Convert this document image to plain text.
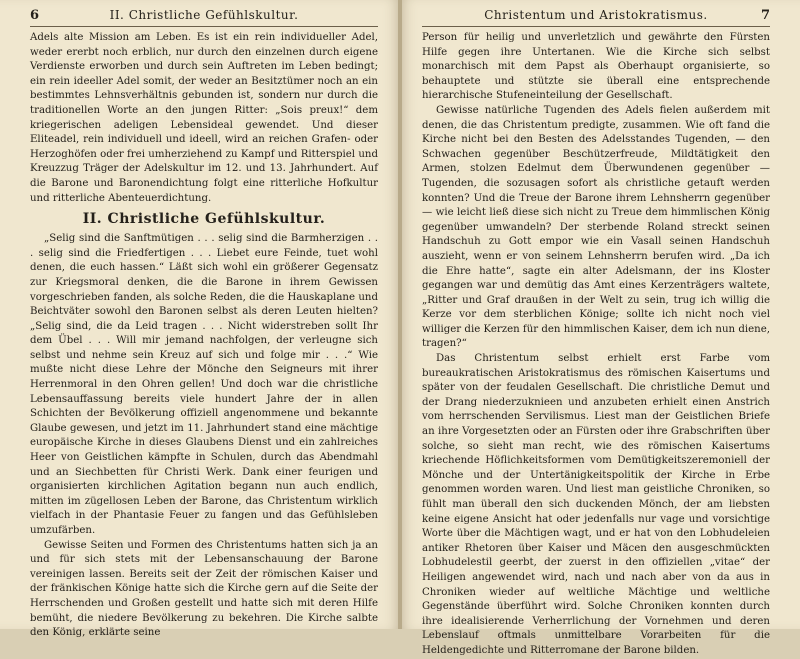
6	II. Christliche Gefühlskultur.

Adels alte Mission am Leben. Es ist ein rein individueller Adel, weder ererbt noch erblich, nur durch den einzelnen durch eigene Verdienste erworben und durch sein Auftreten im Leben bedingt; ein rein ideeller Adel somit, der weder an Besitztümer noch an ein bestimmtes Lehnsverhältnis gebunden ist, sondern nur durch die traditionellen Worte an den jungen Ritter: „Sois preux!“ dem kriegerischen adeligen Lebensideal gewendet. Und dieser Eliteadel, rein individuell und ideell, wird an reichen Grafen- oder Herzoghöfen oder frei umherziehend zu Kampf und Ritterspiel und Kreuzzug Träger der Adelskultur im 12. und 13. Jahrhundert. Auf die Barone und Baronendichtung folgt eine ritterliche Hofkultur und ritterliche Abenteuerdichtung.

II. Christliche Gefühlskultur.

„Selig sind die Sanftmütigen . . . selig sind die Barmherzigen . . . selig sind die Friedfertigen . . . Liebet eure Feinde, tuet wohl denen, die euch hassen.“ Läßt sich wohl ein größerer Gegensatz zur Kriegsmoral denken, die die Barone in ihrem Gewissen vorgeschrieben fanden, als solche Reden, die die Hauskaplane und Beichtväter sowohl den Baronen selbst als deren Leuten hielten? „Selig sind, die da Leid tragen . . . Nicht widerstreben sollt Ihr dem Übel . . . Will mir jemand nachfolgen, der verleugne sich selbst und nehme sein Kreuz auf sich und folge mir . . .“ Wie mußte nicht diese Lehre der Mönche den Seigneurs mit ihrer Herrenmoral in den Ohren gellen! Und doch war die christliche Lebensauffassung bereits viele hundert Jahre der in allen Schichten der Bevölkerung offiziell angenommene und bekannte Glaube gewesen, und jetzt im 11. Jahrhundert stand eine mächtige europäische Kirche in dieses Glaubens Dienst und ein zahlreiches Heer von Geistlichen kämpfte in Schulen, durch das Abendmahl und an Siechbetten für Christi Werk. Dank einer feurigen und organisierten kirchlichen Agitation begann nun auch endlich, mitten im zügellosen Leben der Barone, das Christentum wirklich vielfach in der Phantasie Feuer zu fangen und das Gefühlsleben umzufärben.

Gewisse Seiten und Formen des Christentums hatten sich ja an und für sich stets mit der Lebensanschauung der Barone vereinigen lassen. Bereits seit der Zeit der römischen Kaiser und der fränkischen Könige hatte sich die Kirche gern auf die Seite der Herrschenden und Großen gestellt und hatte sich mit deren Hilfe bemüht, die niedere Bevölkerung zu bekehren. Die Kirche salbte den König, erklärte seine

Christentum und Aristokratismus.	7

Person für heilig und unverletzlich und gewährte den Fürsten Hilfe gegen ihre Untertanen. Wie die Kirche sich selbst monarchisch mit dem Papst als Oberhaupt organisierte, so behauptete und stützte sie überall eine entsprechende hierarchische Stufeneinteilung der Gesellschaft.

Gewisse natürliche Tugenden des Adels fielen außerdem mit denen, die das Christentum predigte, zusammen. Wie oft fand die Kirche nicht bei den Besten des Adelsstandes Tugenden, — den Schwachen gegenüber Beschützerfreude, Mildtätigkeit den Armen, stolzen Edelmut dem Überwundenen gegenüber — Tugenden, die sozusagen sofort als christliche getauft werden konnten? Und die Treue der Barone ihrem Lehnsherrn gegenüber — wie leicht ließ diese sich nicht zu Treue dem himmlischen König gegenüber umwandeln? Der sterbende Roland streckt seinen Handschuh zu Gott empor wie ein Vasall seinen Handschuh auszieht, wenn er von seinem Lehnsherrn berufen wird. „Da ich die Ehre hatte“, sagte ein alter Adelsmann, der ins Kloster gegangen war und demütig das Amt eines Kerzenträgers waltete, „Ritter und Graf draußen in der Welt zu sein, trug ich willig die Kerze vor dem sterblichen Könige; sollte ich nicht noch viel williger die Kerzen für den himmlischen Kaiser, dem ich nun diene, tragen?“

Das Christentum selbst erhielt erst Farbe vom bureaukratischen Aristokratismus des römischen Kaisertums und später von der feudalen Gesellschaft. Die christliche Demut und der Drang niederzuknieen und anzubeten erhielt einen Anstrich vom herrschenden Servilismus. Liest man der Geistlichen Briefe an ihre Vorgesetzten oder an Fürsten oder ihre Grabschriften über solche, so sieht man recht, wie des römischen Kaisertums kriechende Höflichkeitsformen vom Demütigkeitszeremoniell der Mönche und der Untertänigkeitspolitik der Kirche in Erbe genommen worden waren. Und liest man geistliche Chroniken, so fühlt man überall den sich duckenden Mönch, der am liebsten keine eigene Ansicht hat oder jedenfalls nur vage und vorsichtige Worte über die Mächtigen wagt, und er hat von den Lobhudeleien antiker Rhetoren über Kaiser und Mäcen den ausgeschmückten Lobhudelestil geerbt, der zuerst in den offiziellen „vitae“ der Heiligen angewendet wird, nach und nach aber von da aus in Chroniken wieder auf weltliche Mächtige und weltliche Gegenstände überführt wird. Solche Chroniken konnten durch ihre idealisierende Verherrlichung der Vornehmen und deren Lebenslauf oftmals unmittelbare Vorarbeiten für die Heldengedichte und Ritterromane der Barone bilden.
